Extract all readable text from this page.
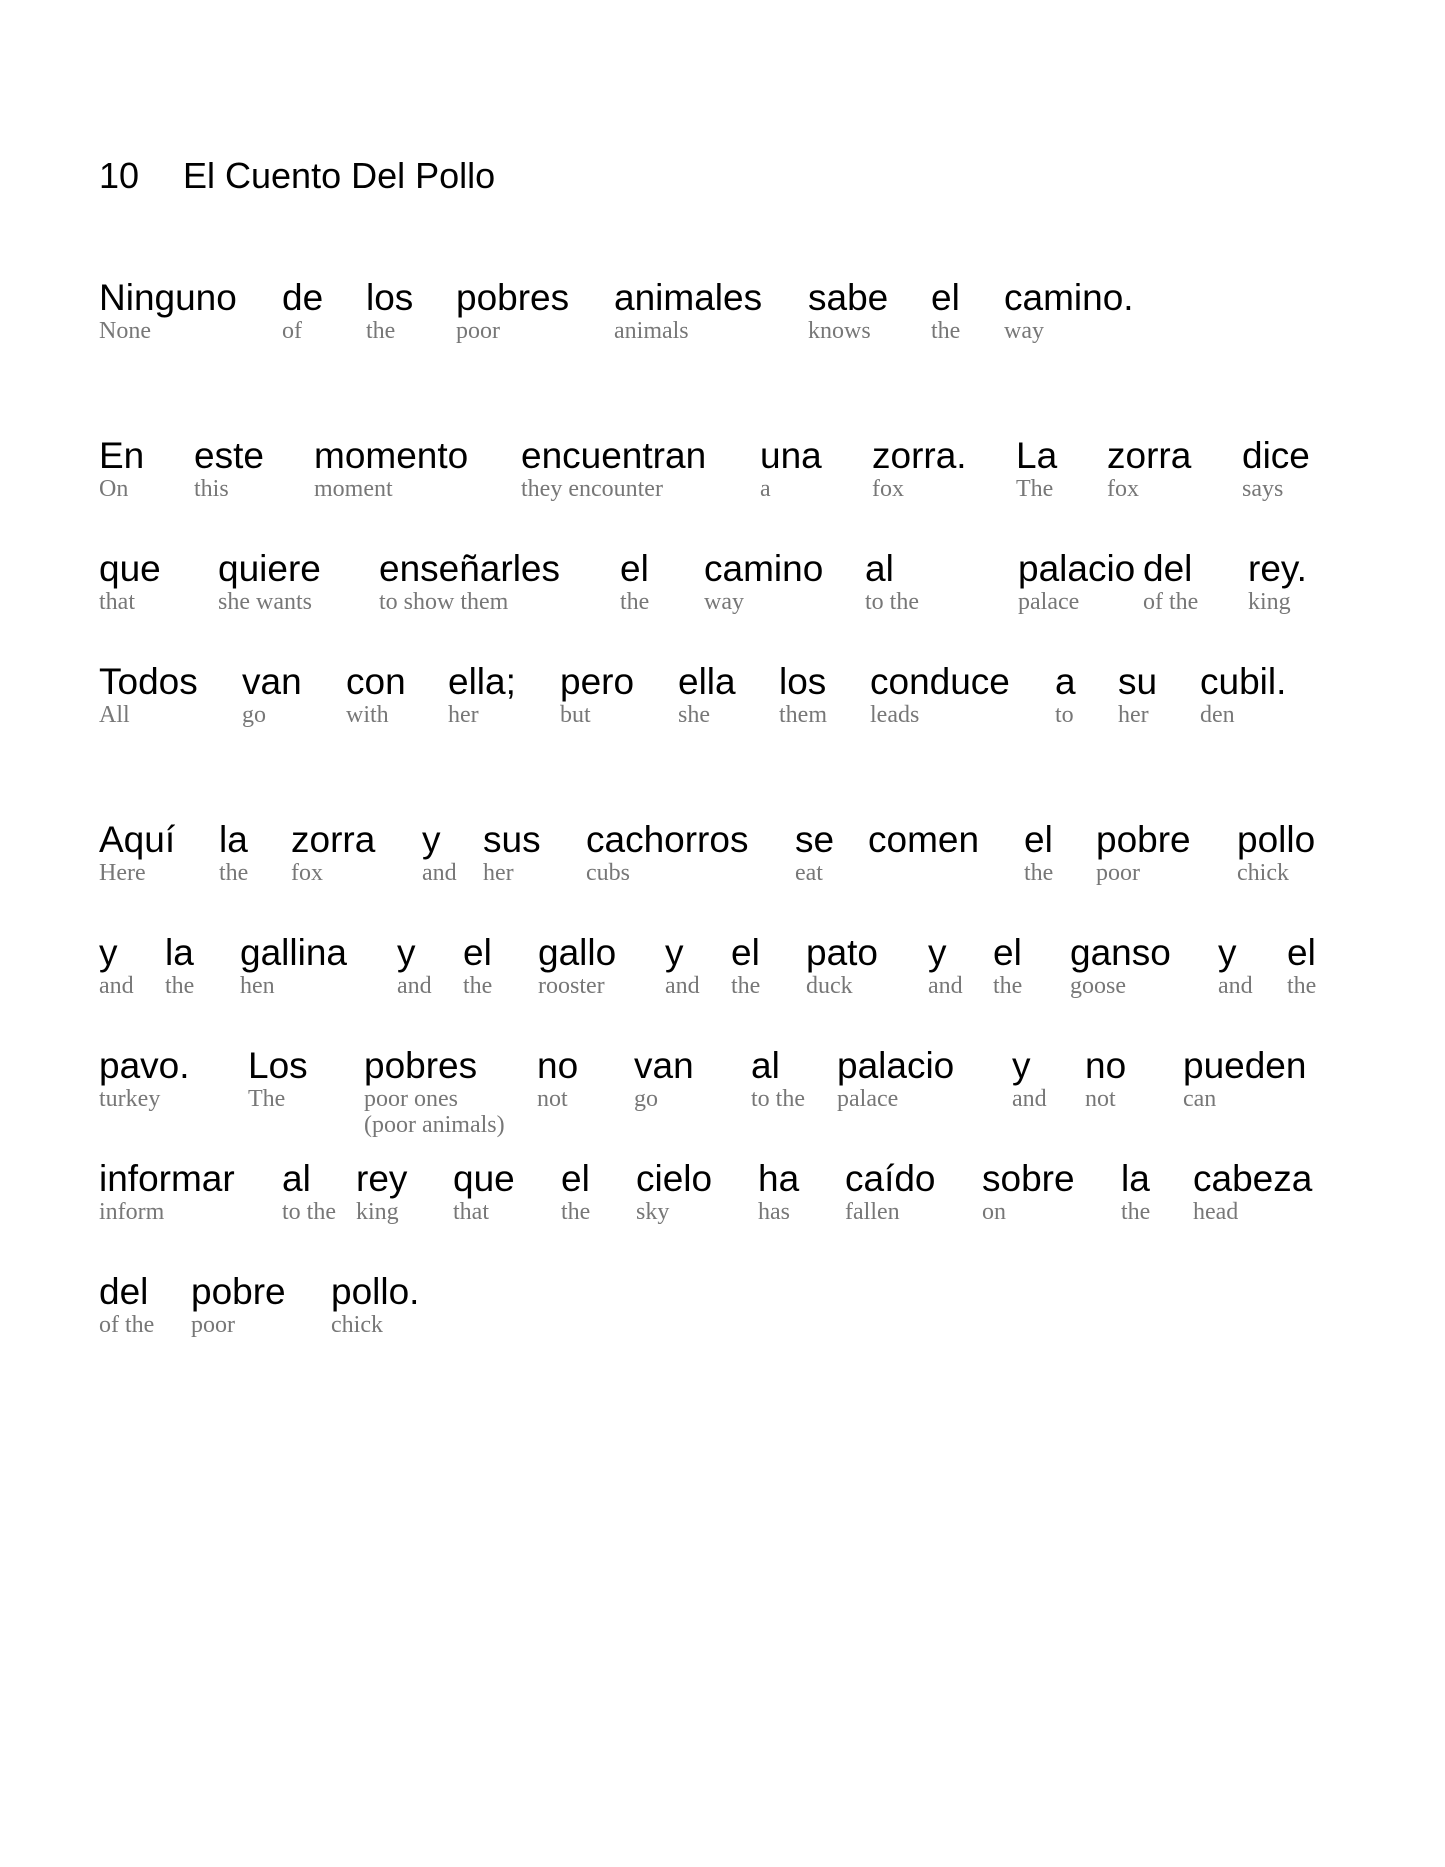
10 El Cuento Del Pollo
Ninguno
None
de
of
los
the
pobres
poor
animales
animals
sabe
knows
el
the
camino.
way
En
On
este
this
momento
moment
encuentran
they encounter
una
a
zorra.
fox
La
The
zorra
fox
dice
says
que
that
quiere
she wants
enseñarles
to show them
el
the
camino
way
al
to the
palacio
palace
del
of the
rey.
king
Todos
All
van
go
con
with
ella;
her
pero
but
ella
she
los
them
conduce
leads
a
to
su
her
cubil.
den
Aquí
Here
la
the
zorra
fox
y
and
sus
her
cachorros
cubs
se
eat
comen
el
the
pobre
poor
pollo
chick
y
and
la
the
gallina
hen
y
and
el
the
gallo
rooster
y
and
el
the
pato
duck
y
and
el
the
ganso
goose
y
and
el
the
pavo.
turkey
Los
The
pobres
poor ones
(poor animals)
no
not
van
go
al
to the
palacio
palace
y
and
no
not
pueden
can
informar
inform
al
to the
rey
king
que
that
el
the
cielo
sky
ha
has
caído
fallen
sobre
on
la
the
cabeza
head
del
of the
pobre
poor
pollo.
chick
